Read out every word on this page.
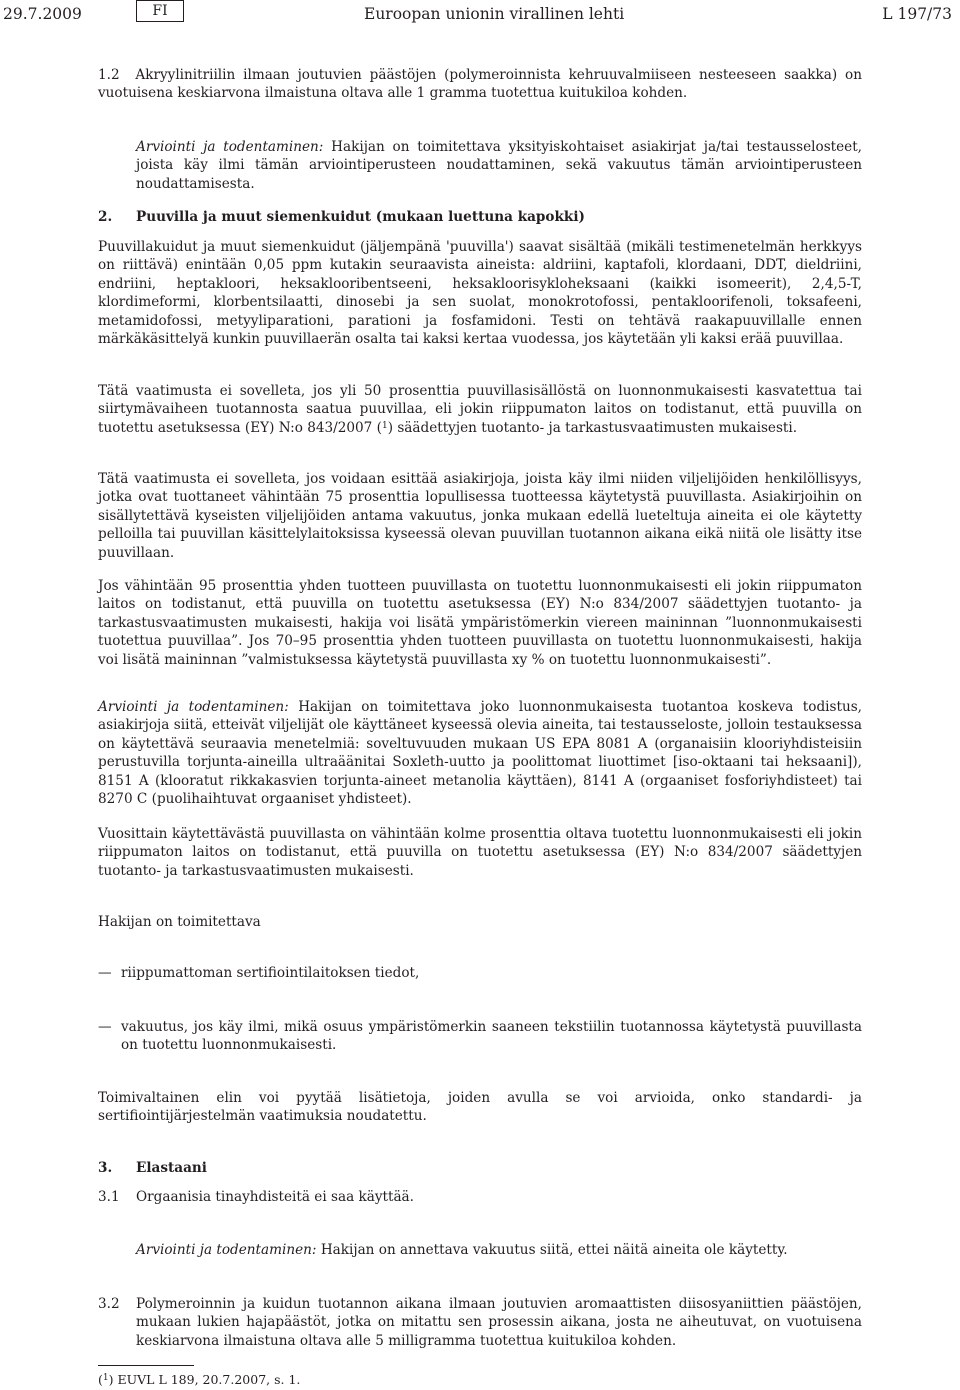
29.7.2009	FI	Euroopan unionin virallinen lehti	L 197/73
1.2 Akryylinitriilin ilmaan joutuvien päästöjen (polymeroinnista kehruuvalmiiseen nesteeseen saakka) on vuotuisena keskiarvona ilmaistuna oltava alle 1 gramma tuotettua kuitukiloa kohden.
Arviointi ja todentaminen: Hakijan on toimitettava yksityiskohtaiset asiakirjat ja/tai testausselosteet, joista käy ilmi tämän arviointiperusteen noudattaminen, sekä vakuutus tämän arviointiperusteen noudattamisesta.
2. Puuvilla ja muut siemenkuidut (mukaan luettuna kapokki)
Puuvillakuidut ja muut siemenkuidut (jäljempänä 'puuvilla') saavat sisältää (mikäli testimenetelmän herkkyys on riittävä) enintään 0,05 ppm kutakin seuraavista aineista: aldriini, kaptafoli, klordaani, DDT, dieldriini, endriini, heptakloori, heksaklooribentseeni, heksakloorisykloheksaani (kaikki isomeerit), 2,4,5-T, klordimeformi, klorbentsilaatti, dinosebi ja sen suolat, monokrotofossi, pentakloorifenoli, toksafeeni, metamidofossi, metyyliparationi, parationi ja fosfamidoni. Testi on tehtävä raakapuuvillalle ennen märkäkäsittelyä kunkin puuvillaerän osalta tai kaksi kertaa vuodessa, jos käytetään yli kaksi erää puuvillaa.
Tätä vaatimusta ei sovelleta, jos yli 50 prosenttia puuvillasisällöstä on luonnonmukaisesti kasvatettua tai siirtymävaiheen tuotannosta saatua puuvillaa, eli jokin riippumaton laitos on todistanut, että puuvilla on tuotettu asetuksessa (EY) N:o 843/2007 ($^1$) säädettyjen tuotanto- ja tarkastusvaatimusten mukaisesti.
Tätä vaatimusta ei sovelleta, jos voidaan esittää asiakirjoja, joista käy ilmi niiden viljelijöiden henkilöllisyys, jotka ovat tuottaneet vähintään 75 prosenttia lopullisessa tuotteessa käytetystä puuvillasta. Asiakirjoihin on sisällytettävä kyseisten viljelijöiden antama vakuutus, jonka mukaan edellä lueteltuja aineita ei ole käytetty pelloilla tai puuvillan käsittelylaitoksissa kyseessä olevan puuvillan tuotannon aikana eikä niitä ole lisätty itse puuvillaan.
Jos vähintään 95 prosenttia yhden tuotteen puuvillasta on tuotettu luonnonmukaisesti eli jokin riippumaton laitos on todistanut, että puuvilla on tuotettu asetuksessa (EY) N:o 834/2007 säädettyjen tuotanto- ja tarkastusvaatimusten mukaisesti, hakija voi lisätä ympäristömerkin viereen maininnan ”luonnonmukaisesti tuotettua puuvillaa”. Jos 70–95 prosenttia yhden tuotteen puuvillasta on tuotettu luonnonmukaisesti, hakija voi lisätä maininnan ”valmistuksessa käytetystä puuvillasta xy % on tuotettu luonnonmukaisesti”.
Arviointi ja todentaminen: Hakijan on toimitettava joko luonnonmukaisesta tuotantoa koskeva todistus, asiakirjoja siitä, etteivät viljelijät ole käyttäneet kyseessä olevia aineita, tai testausseloste, jolloin testauksessa on käytettävä seuraavia menetelmiä: soveltuvuuden mukaan US EPA 8081 A (organaisiin klooriyhdisteisiin perustuvilla torjunta-aineilla ultraäänitai Soxleth-uutto ja poolittomat liuottimet [iso-oktaani tai heksaani]), 8151 A (klooratut rikkakasvien torjunta-aineet metanolia käyttäen), 8141 A (orgaaniset fosforiyhdisteet) tai 8270 C (puolihaihtuvat orgaaniset yhdisteet).
Vuosittain käytettävästä puuvillasta on vähintään kolme prosenttia oltava tuotettu luonnonmukaisesti eli jokin riippumaton laitos on todistanut, että puuvilla on tuotettu asetuksessa (EY) N:o 834/2007 säädettyjen tuotanto- ja tarkastusvaatimusten mukaisesti.
Hakijan on toimitettava
— riippumattoman sertifiointilaitoksen tiedot,
— vakuutus, jos käy ilmi, mikä osuus ympäristömerkin saaneen tekstiilin tuotannossa käytetystä puuvillasta on tuotettu luonnonmukaisesti.
Toimivaltainen elin voi pyytää lisätietoja, joiden avulla se voi arvioida, onko standardi- ja sertifiointijärjestelmän vaatimuksia noudatettu.
3. Elastaani
3.1 Orgaanisia tinayhdisteitä ei saa käyttää.
Arviointi ja todentaminen: Hakijan on annettava vakuutus siitä, ettei näitä aineita ole käytetty.
3.2 Polymeroinnin ja kuidun tuotannon aikana ilmaan joutuvien aromaattisten diisosyaniittien päästöjen, mukaan lukien hajapäästöt, jotka on mitattu sen prosessin aikana, josta ne aiheutuvat, on vuotuisena keskiarvona ilmaistuna oltava alle 5 milligramma tuotettua kuitukiloa kohden.
($^1$) EUVL L 189, 20.7.2007, s. 1.
